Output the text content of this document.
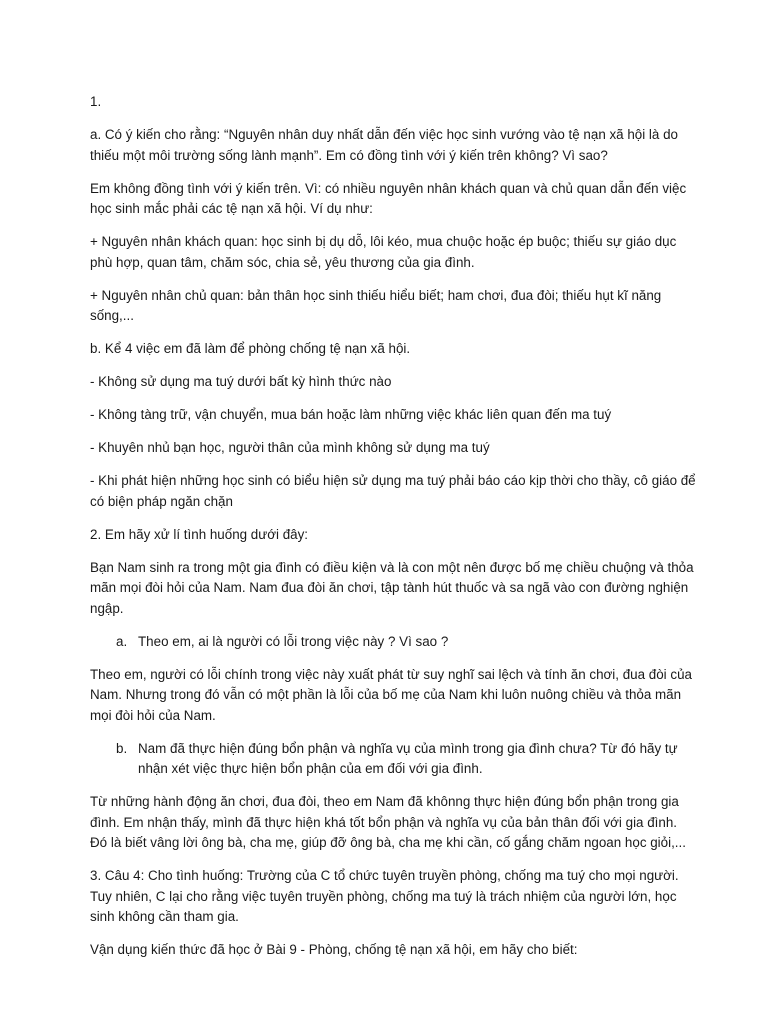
1.

a. Có ý kiến cho rằng: “Nguyên nhân duy nhất dẫn đến việc học sinh vướng vào tệ nạn xã hội là do thiếu một môi trường sống lành mạnh”. Em có đồng tình với ý kiến trên không? Vì sao?

Em không đồng tình với ý kiến trên. Vì: có nhiều nguyên nhân khách quan và chủ quan dẫn đến việc học sinh mắc phải các tệ nạn xã hội. Ví dụ như:

+ Nguyên nhân khách quan: học sinh bị dụ dỗ, lôi kéo, mua chuộc hoặc ép buộc; thiếu sự giáo dục phù hợp, quan tâm, chăm sóc, chia sẻ, yêu thương của gia đình.

+ Nguyên nhân chủ quan: bản thân học sinh thiếu hiểu biết; ham chơi, đua đòi; thiếu hụt kĩ năng sống,...

b. Kể 4 việc em đã làm để phòng chống tệ nạn xã hội.

- Không sử dụng ma tuý dưới bất kỳ hình thức nào

- Không tàng trữ, vận chuyển, mua bán hoặc làm những việc khác liên quan đến ma tuý

- Khuyên nhủ bạn học, người thân của mình không sử dụng ma tuý

- Khi phát hiện những học sinh có biểu hiện sử dụng ma tuý phải báo cáo kịp thời cho thầy, cô giáo để có biện pháp ngăn chặn

2. Em hãy xử lí tình huống dưới đây:

Bạn Nam sinh ra trong một gia đình có điều kiện và là con một nên được bố mẹ chiều chuộng và thỏa mãn mọi đòi hỏi của Nam. Nam đua đòi ăn chơi, tập tành hút thuốc và sa ngã vào con đường nghiện ngập.

a. Theo em, ai là người có lỗi trong việc này ? Vì sao ?

Theo em, người có lỗi chính trong việc này xuất phát từ suy nghĩ sai lệch và tính ăn chơi, đua đòi của Nam. Nhưng trong đó vẫn có một phần là lỗi của bố mẹ của Nam khi luôn nuông chiều và thỏa mãn mọi đòi hỏi của Nam.

b. Nam đã thực hiện đúng bổn phận và nghĩa vụ của mình trong gia đình chưa? Từ đó hãy tự nhận xét việc thực hiện bổn phận của em đối với gia đình.

Từ những hành động ăn chơi, đua đòi, theo em Nam đã khônng thực hiện đúng bổn phận trong gia đình. Em nhận thấy, mình đã thực hiện khá tốt bổn phận và nghĩa vụ của bản thân đối với gia đình. Đó là biết vâng lời ông bà, cha mẹ, giúp đỡ ông bà, cha mẹ khi cần, cố gắng chăm ngoan học giỏi,...

3. Câu 4: Cho tình huống: Trường của C tổ chức tuyên truyền phòng, chống ma tuý cho mọi người. Tuy nhiên, C lại cho rằng việc tuyên truyền phòng, chống ma tuý là trách nhiệm của người lớn, học sinh không cần tham gia.

Vận dụng kiến thức đã học ở Bài 9 - Phòng, chống tệ nạn xã hội, em hãy cho biết:
